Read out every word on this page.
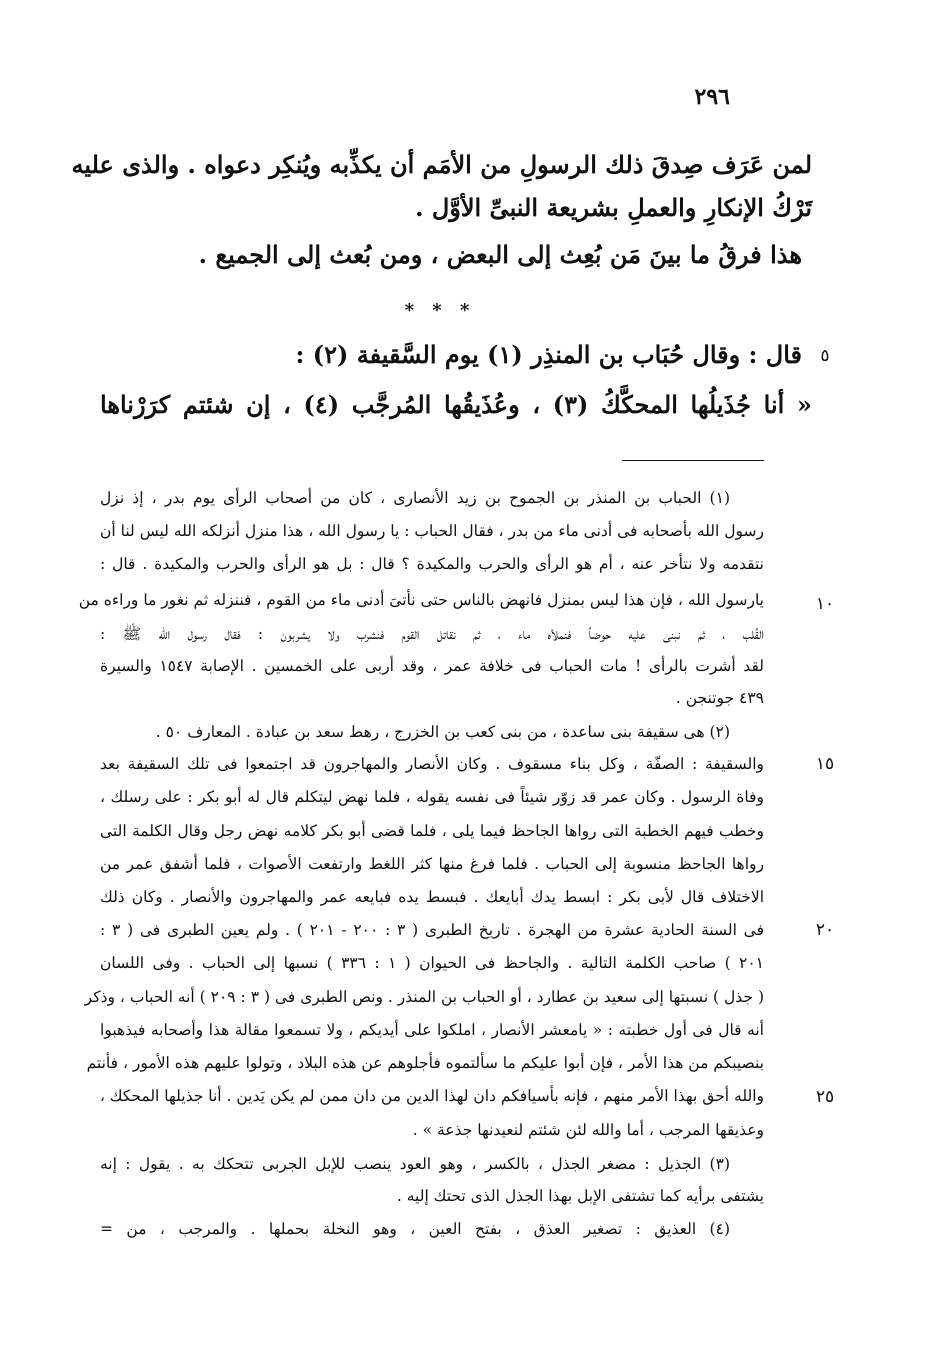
٢٩٦
لمن عَرَف صِدقَ ذلك الرسولِ من الأمَم أن يكذِّبه ويُنكِر دعواه . والذى عليه
تَرْكُ الإنكارِ والعملِ بشريعة النبىِّ الأوَّل .
هذا فرقُ ما بينَ مَن بُعِث إلى البعض ، ومن بُعث إلى الجميع .
قال : وقال حُبَاب بن المنذِر (١) يوم السَّقيفة (٢) :
« أنا جُذَيلُها المحكَّكُ (٣) ، وعُذَيقُها المُرجَّب (٤) ، إن شئتم كرَرْناها
* * *
٥
١٠
١٥
٢٠
٢٥
(١) الحباب بن المنذر بن الجموح بن زيد الأنصارى ، كان من أصحاب الرأى يوم بدر ، إذ نزل
رسول الله بأصحابه فى أدنى ماء من بدر ، فقال الحباب : يا رسول الله ، هذا منزل أنزلكه الله ليس لنا أن
نتقدمه ولا نتأخر عنه ، أم هو الرأى والحرب والمكيدة ؟ قال : بل هو الرأى والحرب والمكيدة . قال :
يارسول الله ، فإن هذا ليس بمنزل فانهض بالناس حتى نأتىَ أدنى ماء من القوم ، فننزله ثم نغور ما وراءه من
القُلب ، ثم نبنى عليه حوضاً فنملأه ماء ، ثم نقاتل القوم فنشرب ولا يشربون : فقال رسول الله ﷺ :
لقد أشرت بالرأى ! مات الحباب فى خلافة عمر ، وقد أربى على الخمسين . الإصابة ١٥٤٧ والسيرة
٤٣٩ جوتنجن .
(٢) هى سقيفة بنى ساعدة ، من بنى كعب بن الخزرج ، رهط سعد بن عبادة . المعارف ٥٠ .
والسقيفة : الصفّة ، وكل بناء مسقوف . وكان الأنصار والمهاجرون قد اجتمعوا فى تلك السقيفة بعد
وفاة الرسول . وكان عمر قد زوّر شيئاً فى نفسه يقوله ، فلما نهض ليتكلم قال له أبو بكر : على رسلك ،
وخطب فيهم الخطبة التى رواها الجاحظ فيما يلى ، فلما قضى أبو بكر كلامه نهض رجل وقال الكلمة التى
رواها الجاحظ منسوبة إلى الحباب . فلما فرغ منها كثر اللغط وارتفعت الأصوات ، فلما أشفق عمر من
الاختلاف قال لأبى بكر : ابسط يدك أبايعك . فبسط يده فبايعه عمر والمهاجرون والأنصار . وكان ذلك
فى السنة الحادية عشرة من الهجرة . تاريخ الطبرى ( ٣ : ٢٠٠ - ٢٠١ ) . ولم يعين الطبرى فى ( ٣ :
٢٠١ ) صاحب الكلمة التالية . والجاحظ فى الحيوان ( ١ : ٣٣٦ ) نسبها إلى الحباب . وفى اللسان
( جذل ) نسبتها إلى سعيد بن عطارد ، أو الحباب بن المنذر . ونص الطبرى فى ( ٣ : ٢٠٩ ) أنه الحباب ، وذكر
أنه قال فى أول خطبته : « يامعشر الأنصار ، املكوا على أيديكم ، ولا تسمعوا مقالة هذا وأصحابه فيذهبوا
بنصيبكم من هذا الأمر ، فإن أبوا عليكم ما سألتموه فأجلوهم عن هذه البلاد ، وتولوا عليهم هذه الأمور ، فأنتم
والله أحق بهذا الأمر منهم ، فإنه بأسيافكم دان لهذا الدين من دان ممن لم يكن يَدين . أنا جذيلها المحكك ،
وعذيقها المرجب ، أما والله لئن شئتم لنعيدنها جذعة » .
(٣) الجذيل : مصغر الجذل ، بالكسر ، وهو العود ينصب للإبل الجربى تتحكك به . يقول : إنه
يشتفى برأيه كما تشتفى الإبل بهذا الجذل الذى تحتك إليه .
(٤) العذيق : تصغير العذق ، بفتح العين ، وهو النخلة بحملها . والمرجب ، من =
